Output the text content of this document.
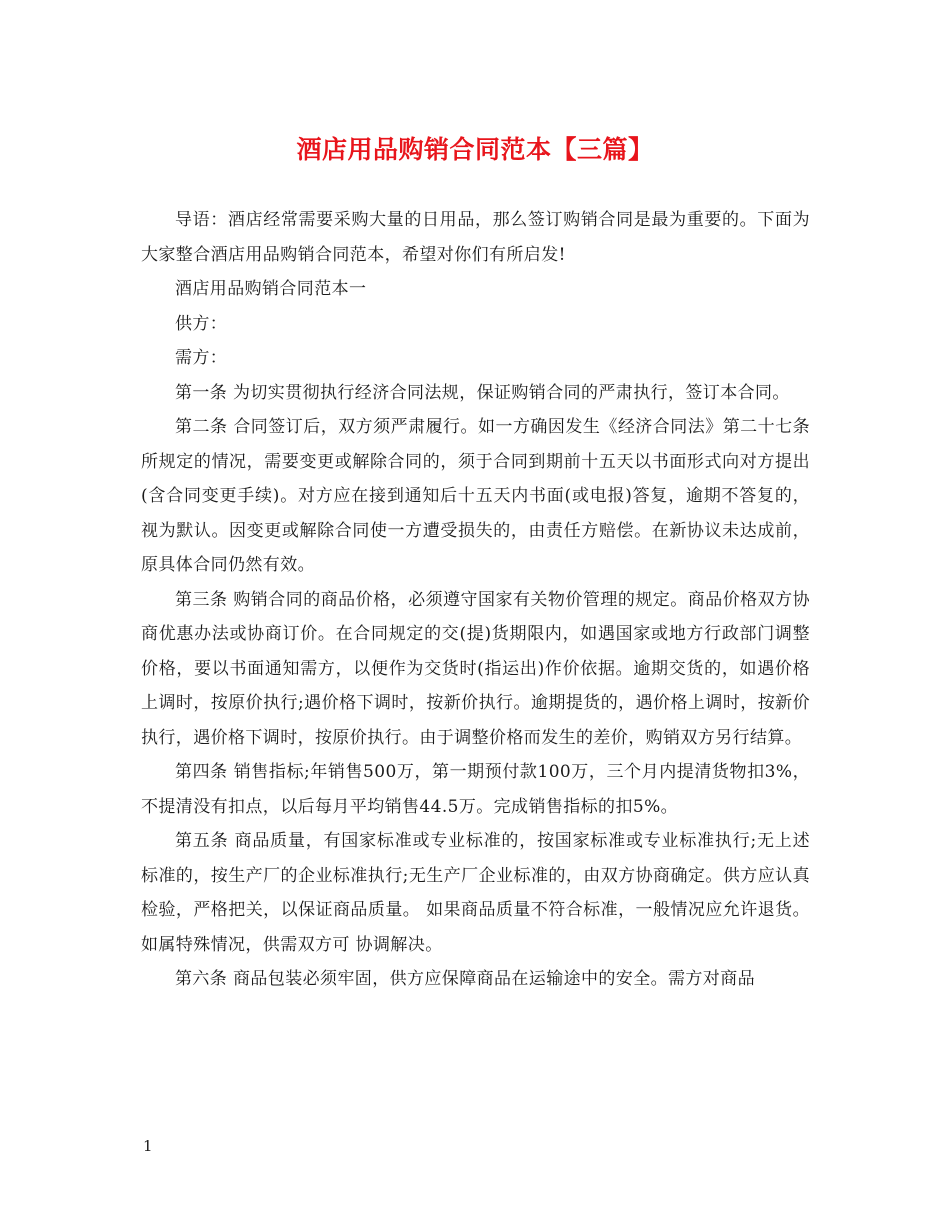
酒店用品购销合同范本【三篇】

导语：酒店经常需要采购大量的日用品，那么签订购销合同是最为重要的。下面为大家整合酒店用品购销合同范本，希望对你们有所启发!

酒店用品购销合同范本一

供方：

需方：

第一条 为切实贯彻执行经济合同法规，保证购销合同的严肃执行，签订本合同。

第二条 合同签订后，双方须严肃履行。如一方确因发生《经济合同法》第二十七条所规定的情况，需要变更或解除合同的，须于合同到期前十五天以书面形式向对方提出(含合同变更手续)。对方应在接到通知后十五天内书面(或电报)答复，逾期不答复的，视为默认。因变更或解除合同使一方遭受损失的，由责任方赔偿。在新协议未达成前，原具体合同仍然有效。

第三条 购销合同的商品价格，必须遵守国家有关物价管理的规定。商品价格双方协商优惠办法或协商订价。在合同规定的交(提)货期限内，如遇国家或地方行政部门调整价格，要以书面通知需方，以便作为交货时(指运出)作价依据。逾期交货的，如遇价格上调时，按原价执行;遇价格下调时，按新价执行。逾期提货的，遇价格上调时，按新价执行，遇价格下调时，按原价执行。由于调整价格而发生的差价，购销双方另行结算。

第四条 销售指标;年销售500万，第一期预付款100万，三个月内提清货物扣3%，不提清没有扣点，以后每月平均销售44.5万。完成销售指标的扣5%。

第五条 商品质量，有国家标准或专业标准的，按国家标准或专业标准执行;无上述标准的，按生产厂的企业标准执行;无生产厂企业标准的，由双方协商确定。供方应认真检验，严格把关，以保证商品质量。 如果商品质量不符合标准，一般情况应允许退货。如属特殊情况，供需双方可 协调解决。

第六条 商品包装必须牢固，供方应保障商品在运输途中的安全。需方对商品

1
